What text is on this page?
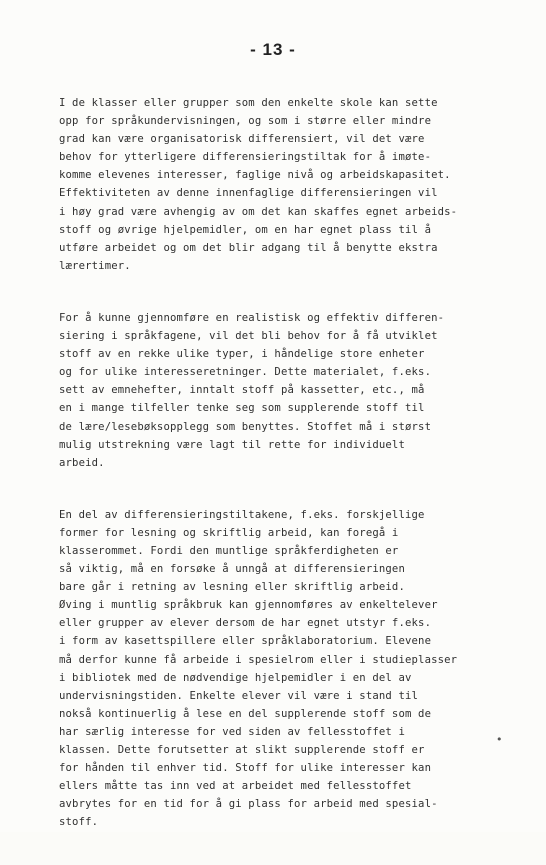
- 13 -
I de klasser eller grupper som den enkelte skole kan sette
opp for språkundervisningen, og som i større eller mindre
grad kan være organisatorisk differensiert, vil det være
behov for ytterligere differensieringstiltak for å imøte-
komme elevenes interesser, faglige nivå og arbeidskapasitet.
Effektiviteten av denne innenfaglige differensieringen vil
i høy grad være avhengig av om det kan skaffes egnet arbeids-
stoff og øvrige hjelpemidler, om en har egnet plass til å
utføre arbeidet og om det blir adgang til å benytte ekstra
lærertimer.
For å kunne gjennomføre en realistisk og effektiv differen-
siering i språkfagene, vil det bli behov for å få utviklet
stoff av en rekke ulike typer, i håndelige store enheter
og for ulike interesseretninger. Dette materialet, f.eks.
sett av emnehefter, inntalt stoff på kassetter, etc., må
en i mange tilfeller tenke seg som supplerende stoff til
de lære/lesebøksopplegg som benyttes. Stoffet må i størst
mulig utstrekning være lagt til rette for individuelt
arbeid.
En del av differensieringstiltakene, f.eks. forskjellige
former for lesning og skriftlig arbeid, kan foregå i
klasserommet. Fordi den muntlige språkferdigheten er
så viktig, må en forsøke å unngå at differensieringen
bare går i retning av lesning eller skriftlig arbeid.
Øving i muntlig språkbruk kan gjennomføres av enkeltelever
eller grupper av elever dersom de har egnet utstyr f.eks.
i form av kasettspillere eller språklaboratorium. Elevene
må derfor kunne få arbeide i spesielrom eller i studieplasser
i bibliotek med de nødvendige hjelpemidler i en del av
undervisningstiden. Enkelte elever vil være i stand til
nokså kontinuerlig å lese en del supplerende stoff som de
har særlig interesse for ved siden av fellesstoffet i
klassen. Dette forutsetter at slikt supplerende stoff er
for hånden til enhver tid. Stoff for ulike interesser kan
ellers måtte tas inn ved at arbeidet med fellesstoffet
avbrytes for en tid for å gi plass for arbeid med spesial-
stoff.
•
